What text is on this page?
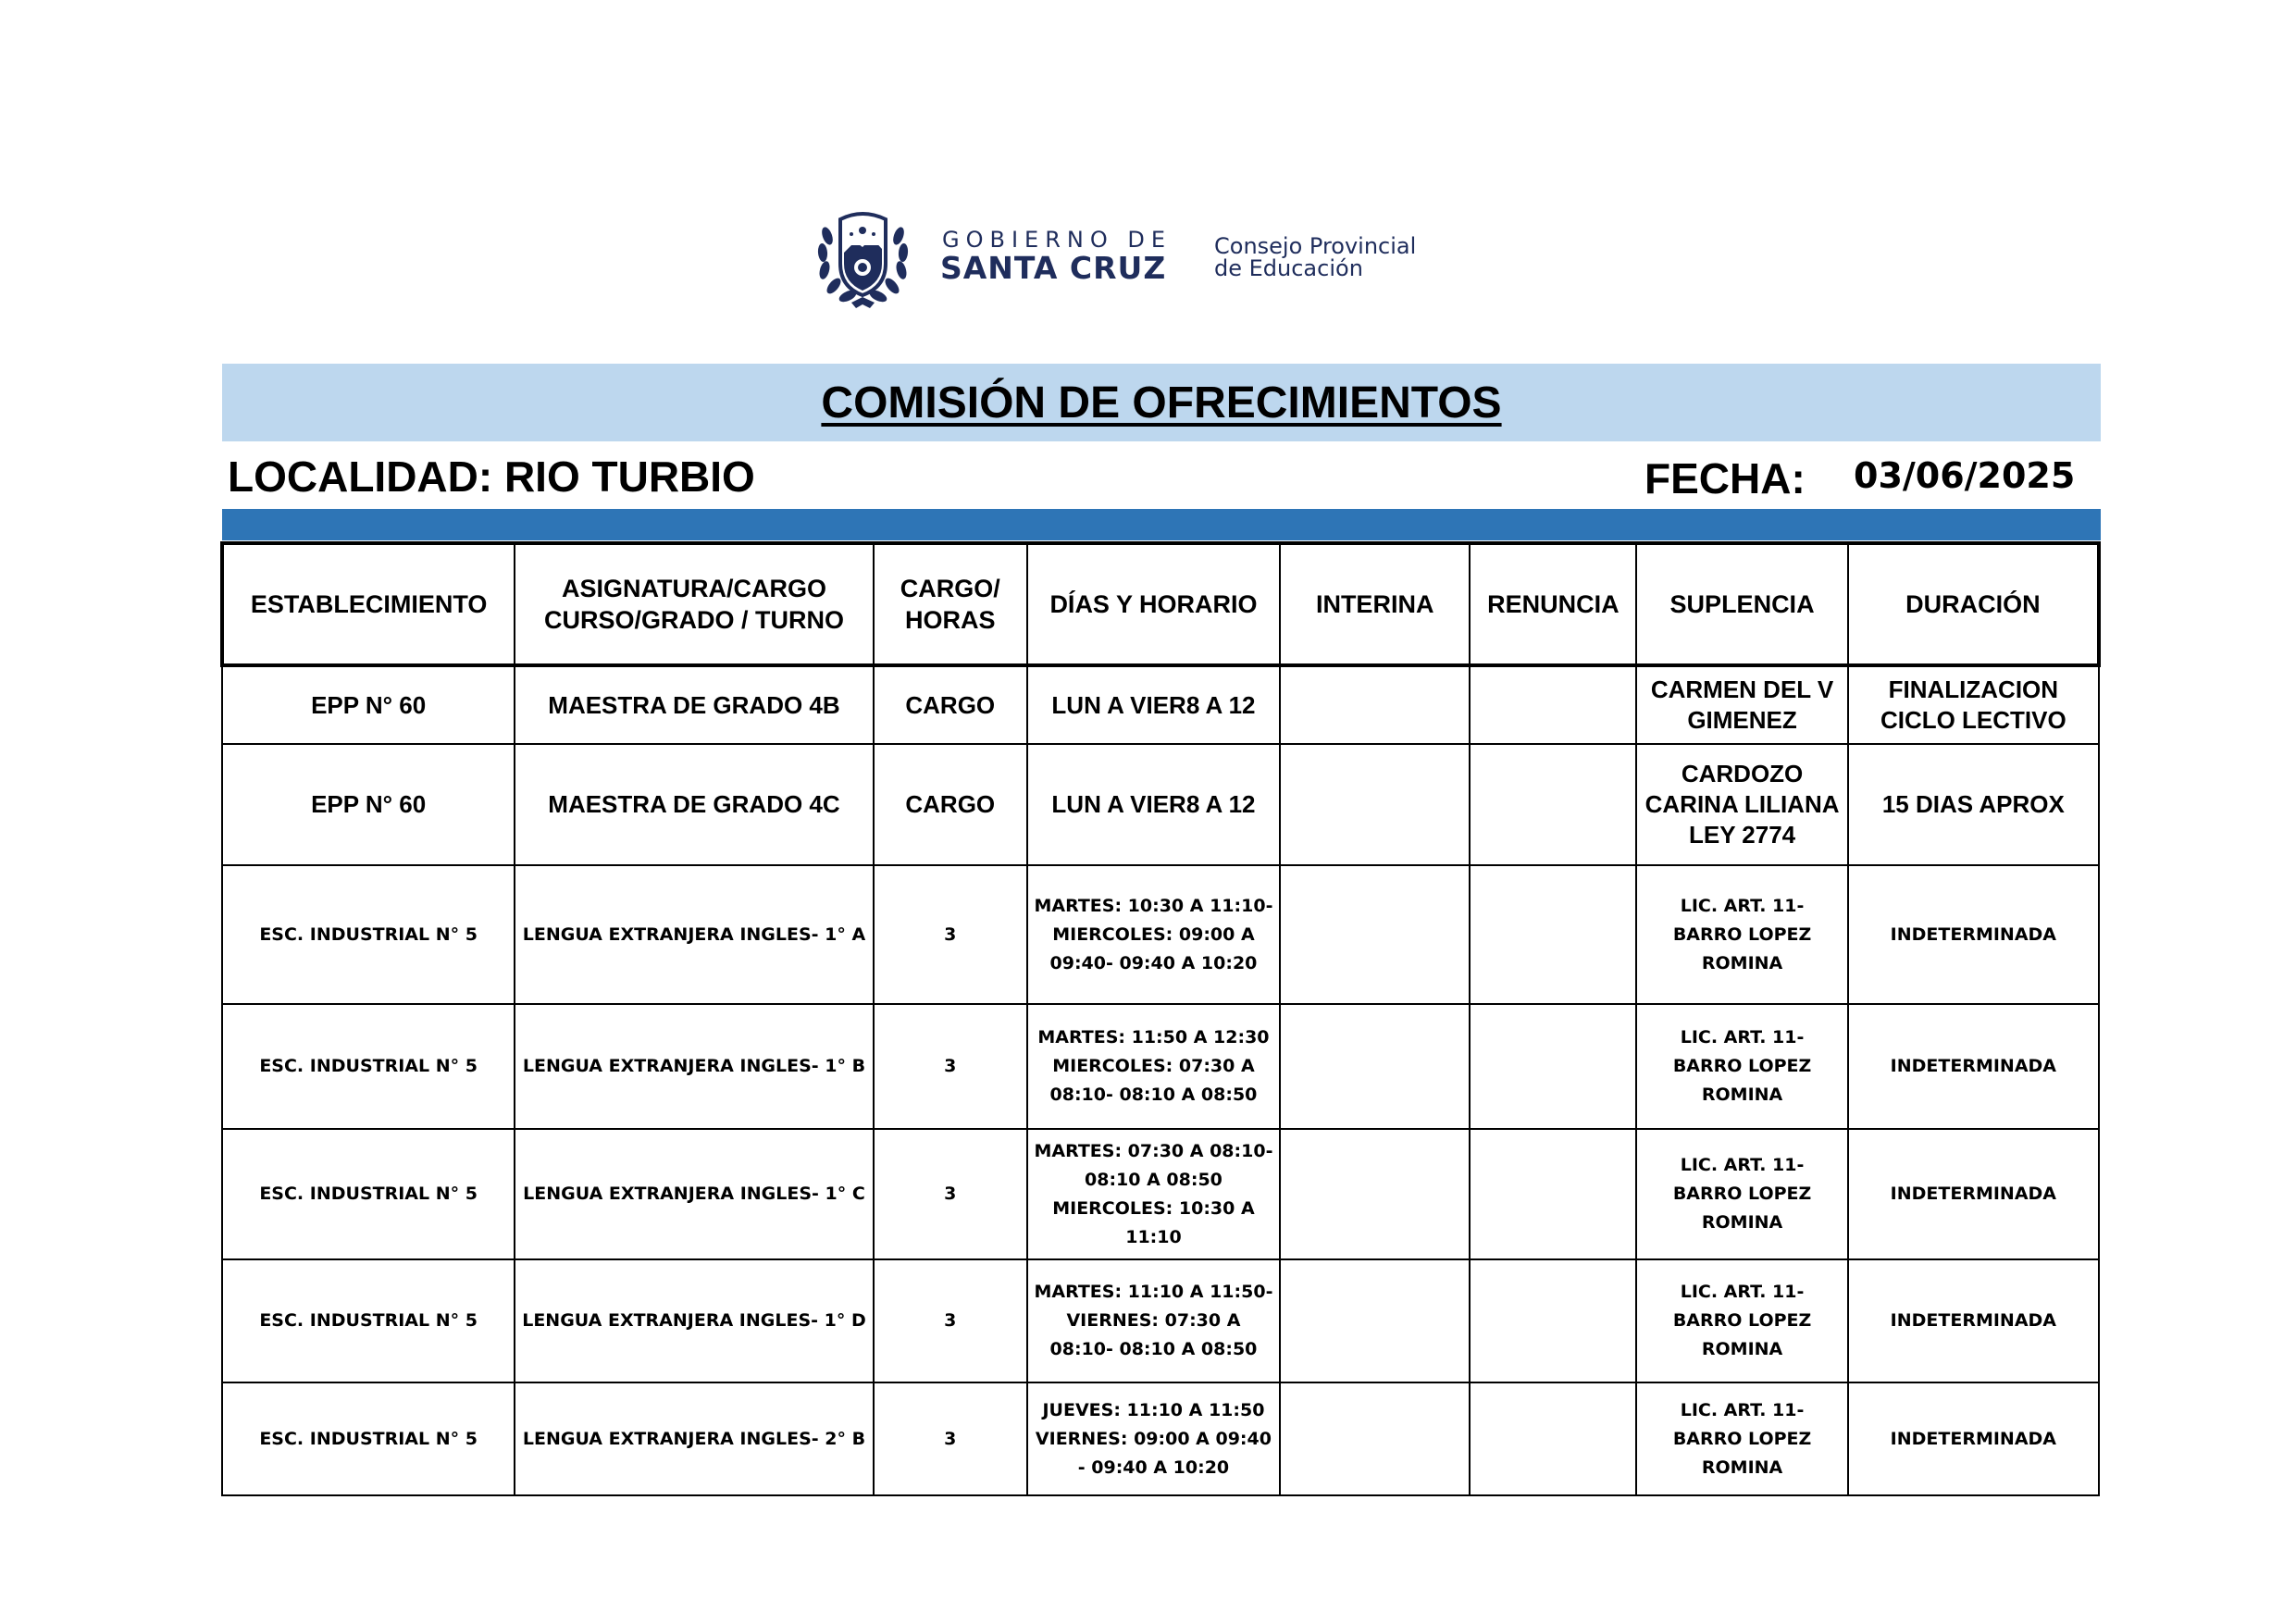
GOBIERNO DE
SANTA CRUZ
Consejo Provincial
de Educación
COMISIÓN DE OFRECIMIENTOS
LOCALIDAD: RIO TURBIO	FECHA: 03/06/2025
ESTABLECIMIENTO	ASIGNATURA/CARGO CURSO/GRADO / TURNO	CARGO/ HORAS	DÍAS Y HORARIO	INTERINA	RENUNCIA	SUPLENCIA	DURACIÓN
EPP N° 60	MAESTRA DE GRADO 4B	CARGO	LUN A VIER8 A 12			CARMEN DEL V GIMENEZ	FINALIZACION CICLO LECTIVO
EPP N° 60	MAESTRA DE GRADO 4C	CARGO	LUN A VIER8 A 12			CARDOZO CARINA LILIANA LEY 2774	15 DIAS APROX
ESC. INDUSTRIAL N° 5	LENGUA EXTRANJERA INGLES- 1° A	3	MARTES: 10:30 A 11:10- MIERCOLES: 09:00 A 09:40- 09:40 A 10:20			LIC. ART. 11- BARRO LOPEZ ROMINA	INDETERMINADA
ESC. INDUSTRIAL N° 5	LENGUA EXTRANJERA INGLES- 1° B	3	MARTES: 11:50 A 12:30 MIERCOLES: 07:30 A 08:10- 08:10 A 08:50			LIC. ART. 11- BARRO LOPEZ ROMINA	INDETERMINADA
ESC. INDUSTRIAL N° 5	LENGUA EXTRANJERA INGLES- 1° C	3	MARTES: 07:30 A 08:10- 08:10 A 08:50 MIERCOLES: 10:30 A 11:10			LIC. ART. 11- BARRO LOPEZ ROMINA	INDETERMINADA
ESC. INDUSTRIAL N° 5	LENGUA EXTRANJERA INGLES- 1° D	3	MARTES: 11:10 A 11:50- VIERNES: 07:30 A 08:10- 08:10 A 08:50			LIC. ART. 11- BARRO LOPEZ ROMINA	INDETERMINADA
ESC. INDUSTRIAL N° 5	LENGUA EXTRANJERA INGLES- 2° B	3	JUEVES: 11:10 A 11:50 VIERNES: 09:00 A 09:40 - 09:40 A 10:20			LIC. ART. 11- BARRO LOPEZ ROMINA	INDETERMINADA
